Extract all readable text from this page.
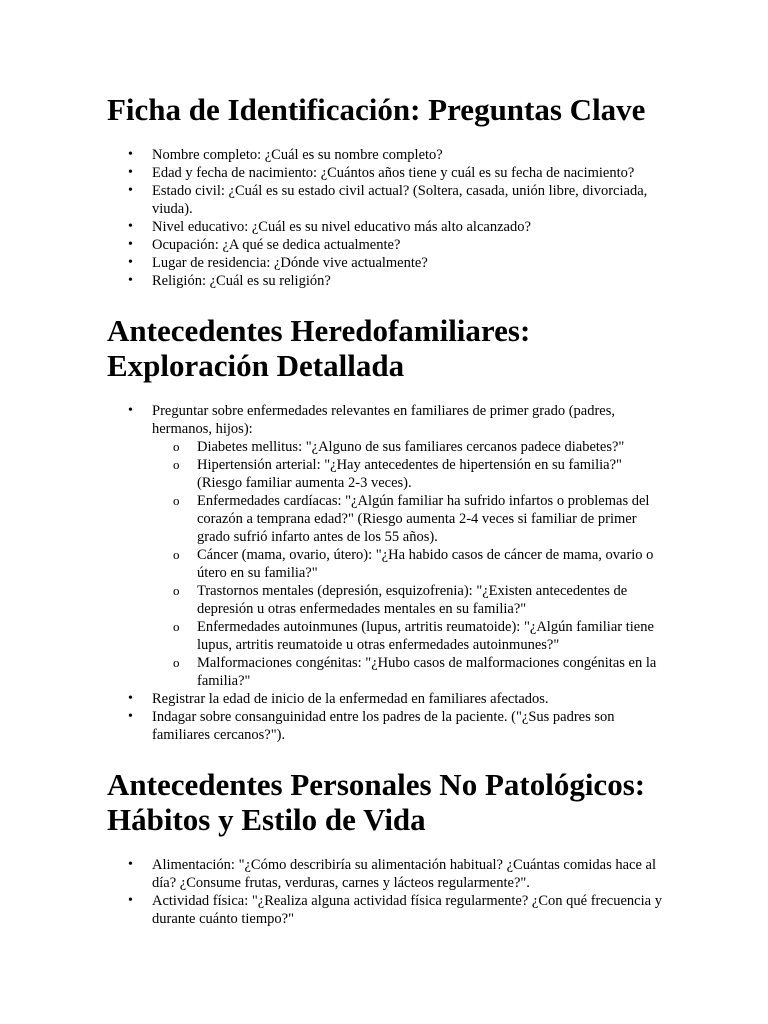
Ficha de Identificación: Preguntas Clave
• Nombre completo: ¿Cuál es su nombre completo?
• Edad y fecha de nacimiento: ¿Cuántos años tiene y cuál es su fecha de nacimiento?
• Estado civil: ¿Cuál es su estado civil actual? (Soltera, casada, unión libre, divorciada, viuda).
• Nivel educativo: ¿Cuál es su nivel educativo más alto alcanzado?
• Ocupación: ¿A qué se dedica actualmente?
• Lugar de residencia: ¿Dónde vive actualmente?
• Religión: ¿Cuál es su religión?
Antecedentes Heredofamiliares: Exploración Detallada
• Preguntar sobre enfermedades relevantes en familiares de primer grado (padres, hermanos, hijos):
o Diabetes mellitus: "¿Alguno de sus familiares cercanos padece diabetes?"
o Hipertensión arterial: "¿Hay antecedentes de hipertensión en su familia?" (Riesgo familiar aumenta 2-3 veces).
o Enfermedades cardíacas: "¿Algún familiar ha sufrido infartos o problemas del corazón a temprana edad?" (Riesgo aumenta 2-4 veces si familiar de primer grado sufrió infarto antes de los 55 años).
o Cáncer (mama, ovario, útero): "¿Ha habido casos de cáncer de mama, ovario o útero en su familia?"
o Trastornos mentales (depresión, esquizofrenia): "¿Existen antecedentes de depresión u otras enfermedades mentales en su familia?"
o Enfermedades autoinmunes (lupus, artritis reumatoide): "¿Algún familiar tiene lupus, artritis reumatoide u otras enfermedades autoinmunes?"
o Malformaciones congénitas: "¿Hubo casos de malformaciones congénitas en la familia?"
• Registrar la edad de inicio de la enfermedad en familiares afectados.
• Indagar sobre consanguinidad entre los padres de la paciente. ("¿Sus padres son familiares cercanos?").
Antecedentes Personales No Patológicos: Hábitos y Estilo de Vida
• Alimentación: "¿Cómo describiría su alimentación habitual? ¿Cuántas comidas hace al día? ¿Consume frutas, verduras, carnes y lácteos regularmente?".
• Actividad física: "¿Realiza alguna actividad física regularmente? ¿Con qué frecuencia y durante cuánto tiempo?"
